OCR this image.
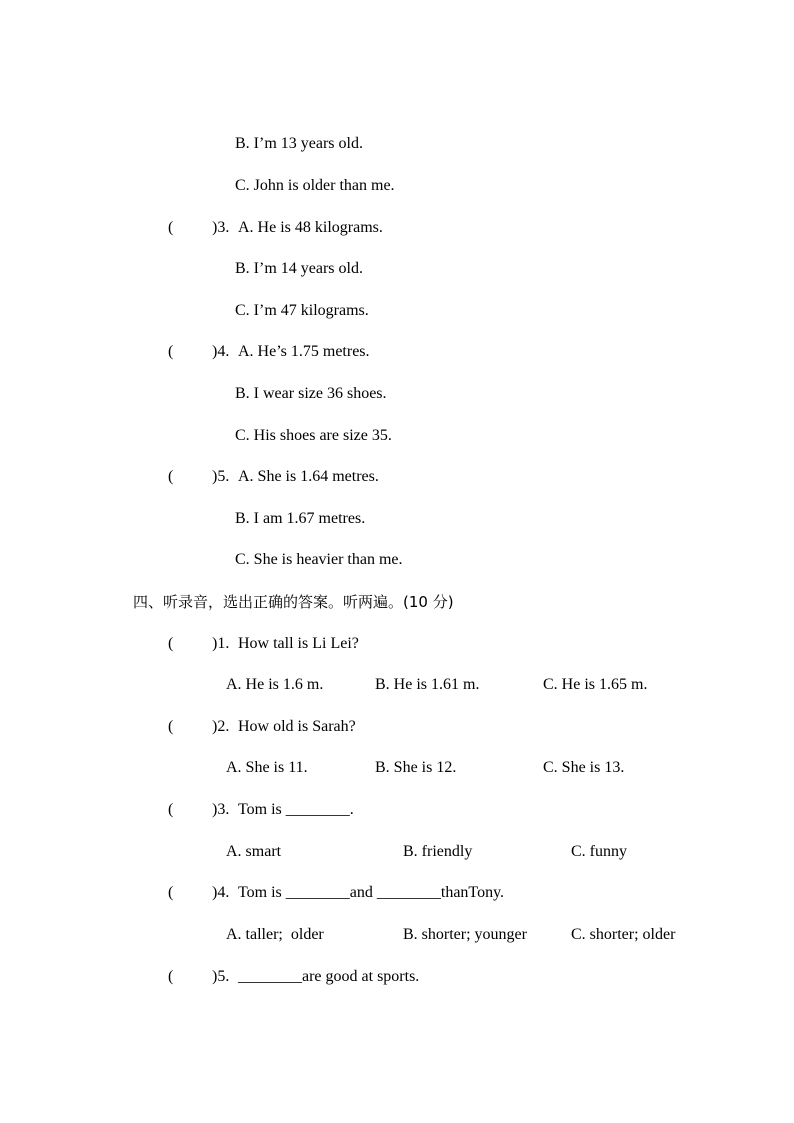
B. I’m 13 years old.
C. John is older than me.
( )3. A. He is 48 kilograms.
B. I’m 14 years old.
C. I’m 47 kilograms.
( )4. A. He’s 1.75 metres.
B. I wear size 36 shoes.
C. His shoes are size 35.
( )5. A. She is 1.64 metres.
B. I am 1.67 metres.
C. She is heavier than me.
四、听录音，选出正确的答案。听两遍。(10 分)
( )1. How tall is Li Lei?
A. He is 1.6 m.	B. He is 1.61 m.	C. He is 1.65 m.
( )2. How old is Sarah?
A. She is 11.	B. She is 12.	C. She is 13.
( )3. Tom is ________.
A. smart	B. friendly	C. funny
( )4. Tom is ________and ________thanTony.
A. taller;  older	B. shorter; younger	C. shorter; older
( )5. ________are good at sports.
